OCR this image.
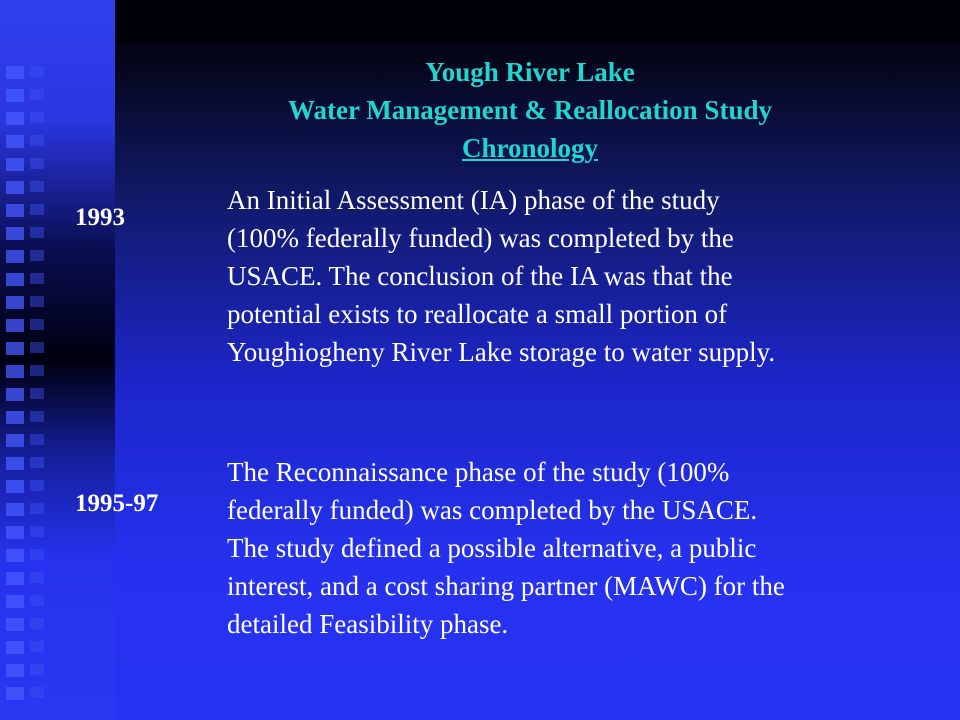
Yough River Lake
Water Management & Reallocation Study
Chronology
1993
An Initial Assessment (IA) phase of the study
(100% federally funded) was completed by the
USACE. The conclusion of the IA was that the
potential exists to reallocate a small portion of
Youghiogheny River Lake storage to water supply.
1995-97
The Reconnaissance phase of the study (100%
federally funded) was completed by the USACE.
The study defined a possible alternative, a public
interest, and a cost sharing partner (MAWC) for the
detailed Feasibility phase.
